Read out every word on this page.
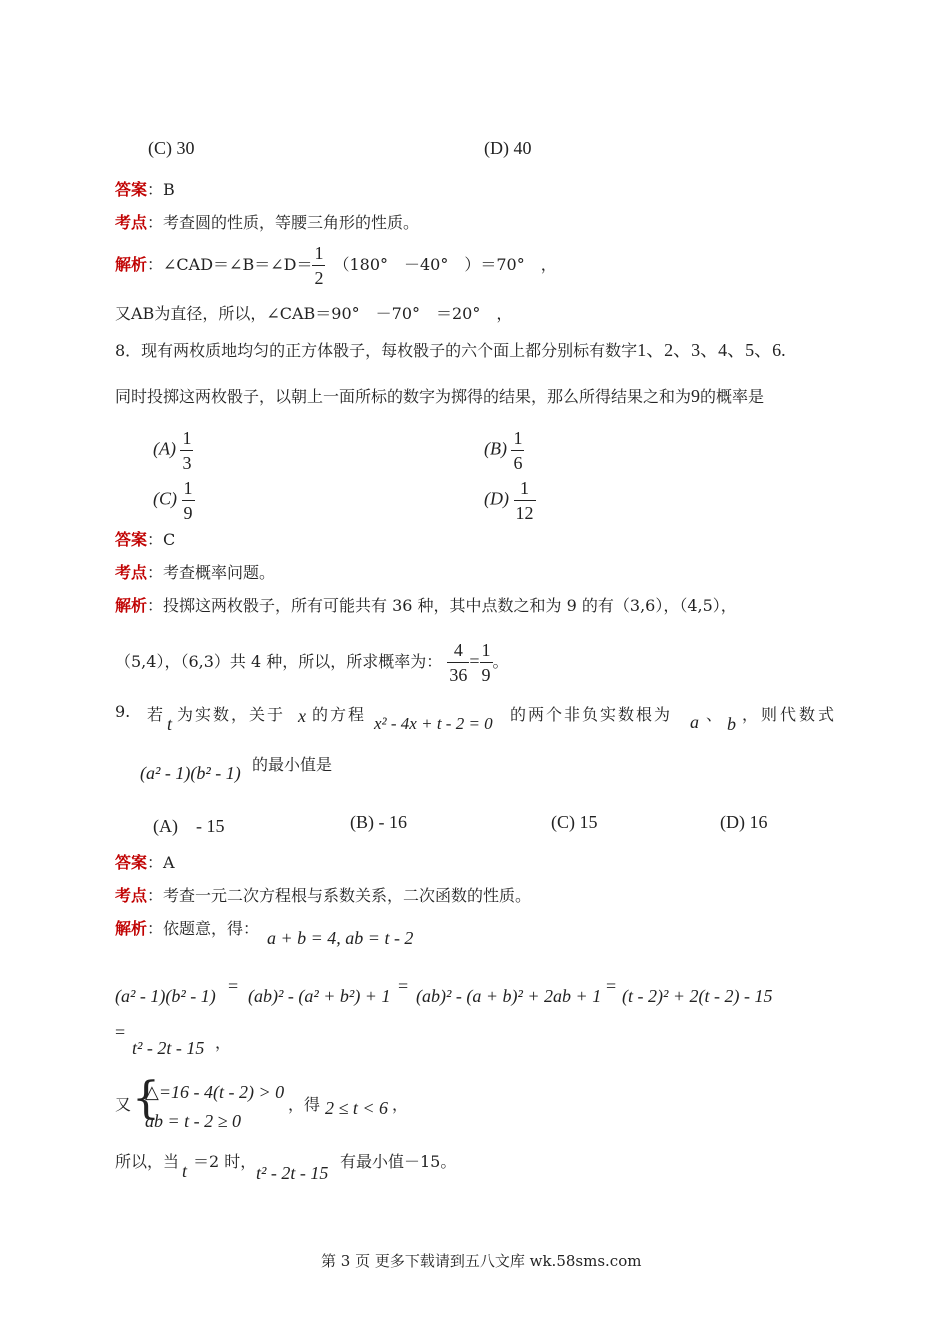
(C) 30	(D) 40
答案：B
考点：考查圆的性质，等腰三角形的性质。
解析：∠CAD＝∠B＝∠D＝ $\frac{1}{2} (180^\circ$　－40°　）＝70°　，
又AB为直径，所以，∠CAB＝90°　－70°　＝20°　，
8．现有两枚质地均匀的正方体骰子，每枚骰子的六个面上都分别标有数字1、2、3、4、5、6.
同时投掷这两枚骰子，以朝上一面所标的数字为掷得的结果，那么所得结果之和为9的概率是
$(A) \frac{1}{3}$	$(B) \frac{1}{6}$
$(C) \frac{1}{9}$	$(D) \frac{1}{12}$
答案：C
考点：考查概率问题。
解析：投掷这两枚骰子，所有可能共有 36 种，其中点数之和为 9 的有（3,6），（4,5），
（5,4），（6,3）共 4 种，所以，所求概率为： $\frac{4}{36} = \frac{1}{9}$ 。
9. 若 t 为实数，关于 x 的方程 x² - 4x + t - 2 = 0 的两个非负实数根为 a 、 b ，则代数式
(a² - 1)(b² - 1) 的最小值是
(A)　- 15	(B) - 16	(C) 15	(D) 16
答案：A
考点：考查一元二次方程根与系数关系，二次函数的性质。
解析：依题意，得： a + b = 4, ab = t - 2
(a² - 1)(b² - 1) = (ab)² - (a² + b²) + 1 = (ab)² - (a + b)² + 2ab + 1 = (t - 2)² + 2(t - 2) - 15
=
t² - 2t - 15 ，
又 {
△=16 - 4(t - 2) > 0
ab = t - 2 ≥ 0
，得 2 ≤ t < 6 ，
所以，当 t ＝2 时，
t² - 2t - 15
有最小值－15。
第 3 页 更多下载请到五八文库 wk.58sms.com
